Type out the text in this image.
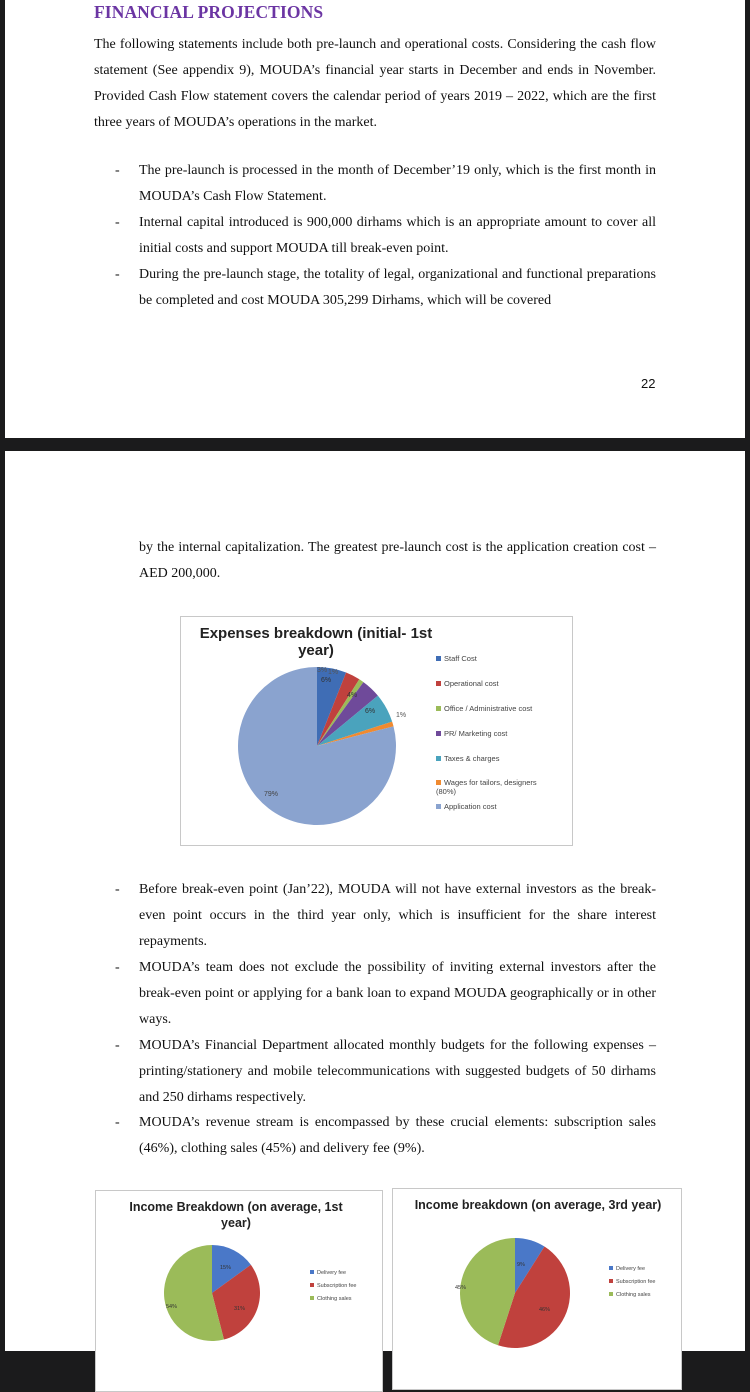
FINANCIAL PROJECTIONS
The following statements include both pre-launch and operational costs. Considering the cash flow statement (See appendix 9), MOUDA’s financial year starts in December and ends in November. Provided Cash Flow statement covers the calendar period of years 2019 – 2022, which are the first three years of MOUDA’s operations in the market.
- The pre-launch is processed in the month of December’19 only, which is the first month in MOUDA’s Cash Flow Statement.
- Internal capital introduced is 900,000 dirhams which is an appropriate amount to cover all initial costs and support MOUDA till break-even point.
- During the pre-launch stage, the totality of legal, organizational and functional preparations be completed and cost MOUDA 305,299 Dirhams, which will be covered
22
by the internal capitalization. The greatest pre-launch cost is the application creation cost – AED 200,000.
Expenses breakdown (initial- 1st year)
6%
3% 1%
4%
6%
1%
79%
Staff Cost
Operational cost
Office / Administrative cost
PR/ Marketing cost
Taxes & charges
Wages for tailors, designers (80%)
Application cost
- Before break-even point (Jan’22), MOUDA will not have external investors as the break-even point occurs in the third year only, which is insufficient for the share interest repayments.
- MOUDA’s team does not exclude the possibility of inviting external investors after the break-even point or applying for a bank loan to expand MOUDA geographically or in other ways.
- MOUDA’s Financial Department allocated monthly budgets for the following expenses – printing/stationery and mobile telecommunications with suggested budgets of 50 dirhams and 250 dirhams respectively.
- MOUDA’s revenue stream is encompassed by these crucial elements: subscription sales (46%), clothing sales (45%) and delivery fee (9%).
Income Breakdown (on average, 1st year)
15%
31%
54%
Delivery fee
Subscription fee
Clothing sales
Income breakdown (on average, 3rd year)
9%
46%
45%
Delivery fee
Subscription fee
Clothing sales
